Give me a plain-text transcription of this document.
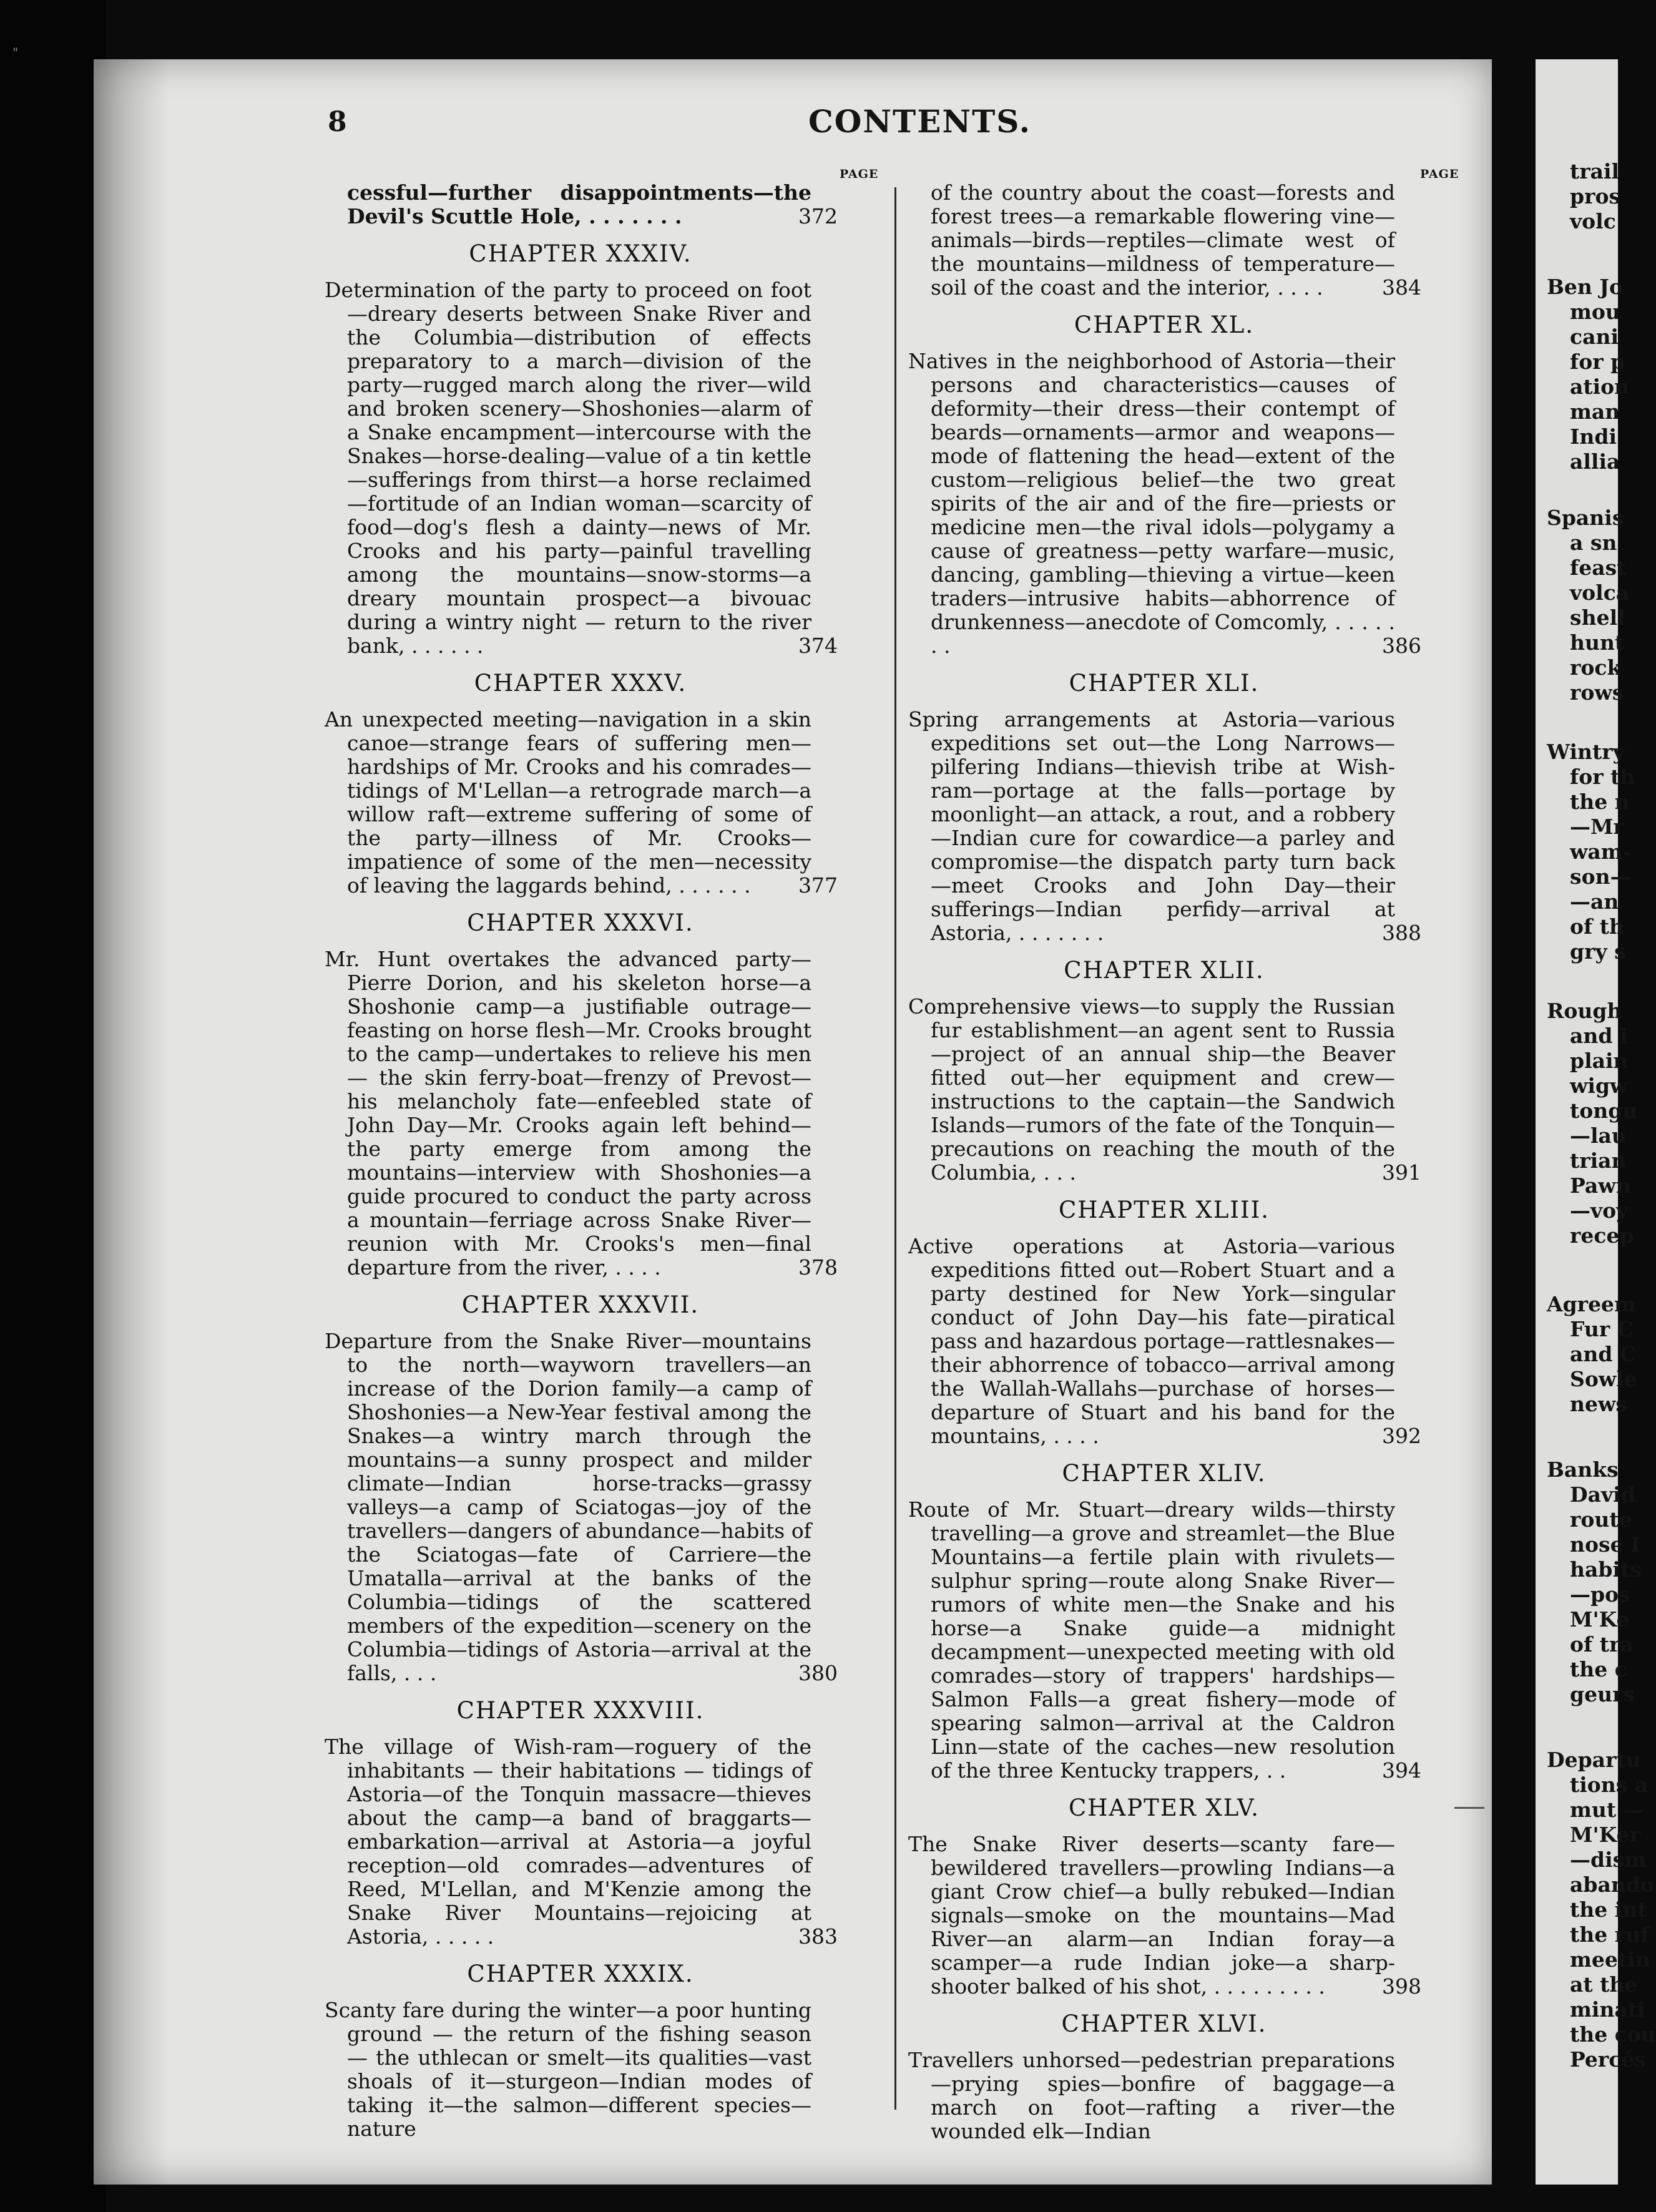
"
8	CONTENTS.
PAGE	PAGE
cessful—further disappointments—the Devil's Scuttle Hole, . . . . . . .	372
CHAPTER XXXIV.
Determination of the party to proceed on foot—dreary deserts between Snake River and the Columbia—distribution of effects preparatory to a march—division of the party—rugged march along the river—wild and broken scenery—Shoshonies—alarm of a Snake encampment—intercourse with the Snakes—horse-dealing—value of a tin kettle—sufferings from thirst—a horse reclaimed—fortitude of an Indian woman—scarcity of food—dog's flesh a dainty—news of Mr. Crooks and his party—painful travelling among the mountains—snow-storms—a dreary mountain prospect—a bivouac during a wintry night — return to the river bank, . . . . . .	374
CHAPTER XXXV.
An unexpected meeting—navigation in a skin canoe—strange fears of suffering men—hardships of Mr. Crooks and his comrades—tidings of M'Lellan—a retrograde march—a willow raft—extreme suffering of some of the party—illness of Mr. Crooks—impatience of some of the men—necessity of leaving the laggards behind, . . . . . .	377
CHAPTER XXXVI.
Mr. Hunt overtakes the advanced party—Pierre Dorion, and his skeleton horse—a Shoshonie camp—a justifiable outrage—feasting on horse flesh—Mr. Crooks brought to the camp—undertakes to relieve his men — the skin ferry-boat—frenzy of Prevost—his melancholy fate—enfeebled state of John Day—Mr. Crooks again left behind—the party emerge from among the mountains—interview with Shoshonies—a guide procured to conduct the party across a mountain—ferriage across Snake River—reunion with Mr. Crooks's men—final departure from the river, . . . .	378
CHAPTER XXXVII.
Departure from the Snake River—mountains to the north—wayworn travellers—an increase of the Dorion family—a camp of Shoshonies—a New-Year festival among the Snakes—a wintry march through the mountains—a sunny prospect and milder climate—Indian horse-tracks—grassy valleys—a camp of Sciatogas—joy of the travellers—dangers of abundance—habits of the Sciatogas—fate of Carriere—the Umatalla—arrival at the banks of the Columbia—tidings of the scattered members of the expedition—scenery on the Columbia—tidings of Astoria—arrival at the falls, . . .	380
CHAPTER XXXVIII.
The village of Wish-ram—roguery of the inhabitants — their habitations — tidings of Astoria—of the Tonquin massacre—thieves about the camp—a band of braggarts—embarkation—arrival at Astoria—a joyful reception—old comrades—adventures of Reed, M'Lellan, and M'Kenzie among the Snake River Mountains—rejoicing at Astoria, . . . . .	383
CHAPTER XXXIX.
Scanty fare during the winter—a poor hunting ground — the return of the fishing season — the uthlecan or smelt—its qualities—vast shoals of it—sturgeon—Indian modes of taking it—the salmon—different species—nature
of the country about the coast—forests and forest trees—a remarkable flowering vine—animals—birds—reptiles—climate west of the mountains—mildness of temperature—soil of the coast and the interior, . . . .	384
CHAPTER XL.
Natives in the neighborhood of Astoria—their persons and characteristics—causes of deformity—their dress—their contempt of beards—ornaments—armor and weapons—mode of flattening the head—extent of the custom—religious belief—the two great spirits of the air and of the fire—priests or medicine men—the rival idols—polygamy a cause of greatness—petty warfare—music, dancing, gambling—thieving a virtue—keen traders—intrusive habits—abhorrence of drunkenness—anecdote of Comcomly, . . . . . . .	386
CHAPTER XLI.
Spring arrangements at Astoria—various expeditions set out—the Long Narrows—pilfering Indians—thievish tribe at Wish-ram—portage at the falls—portage by moonlight—an attack, a rout, and a robbery—Indian cure for cowardice—a parley and compromise—the dispatch party turn back—meet Crooks and John Day—their sufferings—Indian perfidy—arrival at Astoria, . . . . . . .	388
CHAPTER XLII.
Comprehensive views—to supply the Russian fur establishment—an agent sent to Russia—project of an annual ship—the Beaver fitted out—her equipment and crew—instructions to the captain—the Sandwich Islands—rumors of the fate of the Tonquin—precautions on reaching the mouth of the Columbia, . . .	391
CHAPTER XLIII.
Active operations at Astoria—various expeditions fitted out—Robert Stuart and a party destined for New York—singular conduct of John Day—his fate—piratical pass and hazardous portage—rattlesnakes—their abhorrence of tobacco—arrival among the Wallah-Wallahs—purchase of horses—departure of Stuart and his band for the mountains, . . . .	392
CHAPTER XLIV.
Route of Mr. Stuart—dreary wilds—thirsty travelling—a grove and streamlet—the Blue Mountains—a fertile plain with rivulets—sulphur spring—route along Snake River—rumors of white men—the Snake and his horse—a Snake guide—a midnight decampment—unexpected meeting with old comrades—story of trappers' hardships—Salmon Falls—a great fishery—mode of spearing salmon—arrival at the Caldron Linn—state of the caches—new resolution of the three Kentucky trappers, . .	394
CHAPTER XLV.
The Snake River deserts—scanty fare—bewildered travellers—prowling Indians—a giant Crow chief—a bully rebuked—Indian signals—smoke on the mountains—Mad River—an alarm—an Indian foray—a scamper—a rude Indian joke—a sharp-shooter balked of his shot, . . . . . . . . .	398
CHAPTER XLVI.
Travellers unhorsed—pedestrian preparations—prying spies—bonfire of baggage—a march on foot—rafting a river—the wounded elk—Indian
trail
pros
volc
Ben Jo
mou
cani
for p
ation
man
Indi
allia
Spanis
a sn
feast
volca
shell
hunt
rock
rows
Wintry
for th
the n
—Mr
wam-
son—
—an
of th
gry s
Rough
and i
plain
wigw
tongu
—lau
trian
Pawn
—voy
recep
Agreem
Fur C
and C
Sowle
news
Banks
David
route
nose I
habits
—pos
M'Ke
of tra
the c
geurs
Departu
tions a
mut —
M'Ker
—dism
abando
the int
the ruf
meetin
at the
minati
the cou
Percés
